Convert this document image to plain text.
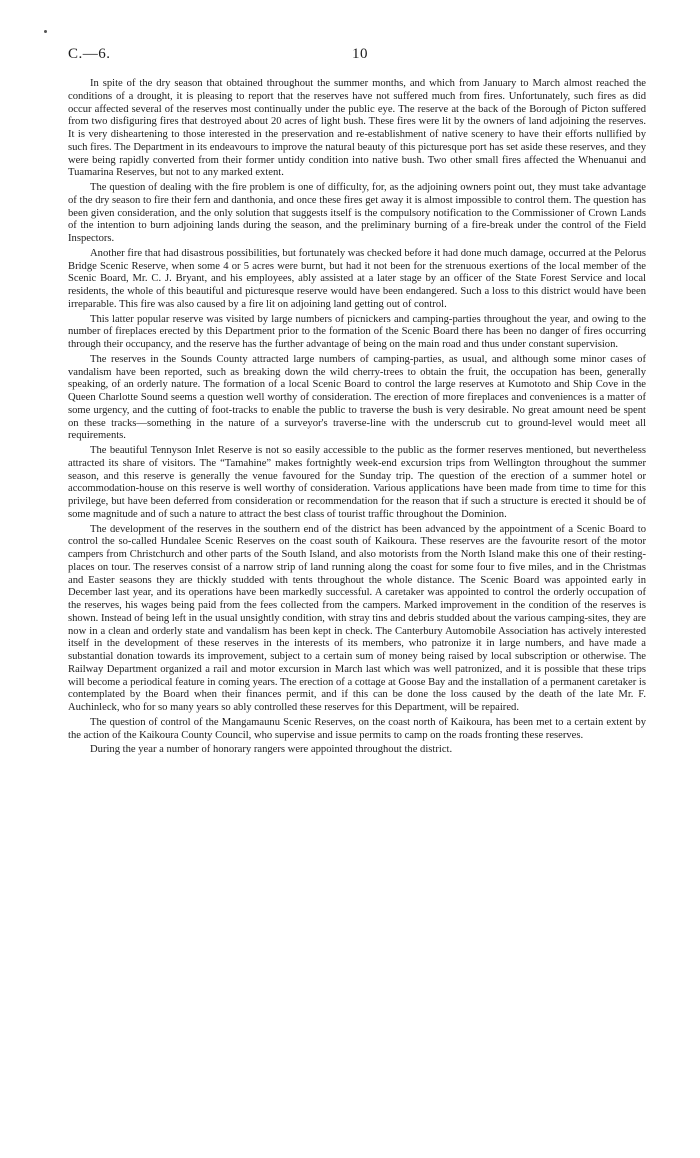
C.—6.	10

In spite of the dry season that obtained throughout the summer months, and which from January to March almost reached the conditions of a drought, it is pleasing to report that the reserves have not suffered much from fires. Unfortunately, such fires as did occur affected several of the reserves most continually under the public eye. The reserve at the back of the Borough of Picton suffered from two disfiguring fires that destroyed about 20 acres of light bush. These fires were lit by the owners of land adjoining the reserves. It is very disheartening to those interested in the preservation and re-establishment of native scenery to have their efforts nullified by such fires. The Department in its endeavours to improve the natural beauty of this picturesque port has set aside these reserves, and they were being rapidly converted from their former untidy condition into native bush. Two other small fires affected the Whenuanui and Tuamarina Reserves, but not to any marked extent.

The question of dealing with the fire problem is one of difficulty, for, as the adjoining owners point out, they must take advantage of the dry season to fire their fern and danthonia, and once these fires get away it is almost impossible to control them. The question has been given consideration, and the only solution that suggests itself is the compulsory notification to the Commissioner of Crown Lands of the intention to burn adjoining lands during the season, and the preliminary burning of a fire-break under the control of the Field Inspectors.

Another fire that had disastrous possibilities, but fortunately was checked before it had done much damage, occurred at the Pelorus Bridge Scenic Reserve, when some 4 or 5 acres were burnt, but had it not been for the strenuous exertions of the local member of the Scenic Board, Mr. C. J. Bryant, and his employees, ably assisted at a later stage by an officer of the State Forest Service and local residents, the whole of this beautiful and picturesque reserve would have been endangered. Such a loss to this district would have been irreparable. This fire was also caused by a fire lit on adjoining land getting out of control.

This latter popular reserve was visited by large numbers of picnickers and camping-parties throughout the year, and owing to the number of fireplaces erected by this Department prior to the formation of the Scenic Board there has been no danger of fires occurring through their occupancy, and the reserve has the further advantage of being on the main road and thus under constant supervision.

The reserves in the Sounds County attracted large numbers of camping-parties, as usual, and although some minor cases of vandalism have been reported, such as breaking down the wild cherry-trees to obtain the fruit, the occupation has been, generally speaking, of an orderly nature. The formation of a local Scenic Board to control the large reserves at Kumototo and Ship Cove in the Queen Charlotte Sound seems a question well worthy of consideration. The erection of more fireplaces and conveniences is a matter of some urgency, and the cutting of foot-tracks to enable the public to traverse the bush is very desirable. No great amount need be spent on these tracks—something in the nature of a surveyor's traverse-line with the underscrub cut to ground-level would meet all requirements.

The beautiful Tennyson Inlet Reserve is not so easily accessible to the public as the former reserves mentioned, but nevertheless attracted its share of visitors. The “Tamahine” makes fortnightly week-end excursion trips from Wellington throughout the summer season, and this reserve is generally the venue favoured for the Sunday trip. The question of the erection of a summer hotel or accommodation-house on this reserve is well worthy of consideration. Various applications have been made from time to time for this privilege, but have been deferred from consideration or recommendation for the reason that if such a structure is erected it should be of some magnitude and of such a nature to attract the best class of tourist traffic throughout the Dominion.

The development of the reserves in the southern end of the district has been advanced by the appointment of a Scenic Board to control the so-called Hundalee Scenic Reserves on the coast south of Kaikoura. These reserves are the favourite resort of the motor campers from Christchurch and other parts of the South Island, and also motorists from the North Island make this one of their resting-places on tour. The reserves consist of a narrow strip of land running along the coast for some four to five miles, and in the Christmas and Easter seasons they are thickly studded with tents throughout the whole distance. The Scenic Board was appointed early in December last year, and its operations have been markedly successful. A caretaker was appointed to control the orderly occupation of the reserves, his wages being paid from the fees collected from the campers. Marked improvement in the condition of the reserves is shown. Instead of being left in the usual unsightly condition, with stray tins and debris studded about the various camping-sites, they are now in a clean and orderly state and vandalism has been kept in check. The Canterbury Automobile Association has actively interested itself in the development of these reserves in the interests of its members, who patronize it in large numbers, and have made a substantial donation towards its improvement, subject to a certain sum of money being raised by local subscription or otherwise. The Railway Department organized a rail and motor excursion in March last which was well patronized, and it is possible that these trips will become a periodical feature in coming years. The erection of a cottage at Goose Bay and the installation of a permanent caretaker is contemplated by the Board when their finances permit, and if this can be done the loss caused by the death of the late Mr. F. Auchinleck, who for so many years so ably controlled these reserves for this Department, will be repaired.

The question of control of the Mangamaunu Scenic Reserves, on the coast north of Kaikoura, has been met to a certain extent by the action of the Kaikoura County Council, who supervise and issue permits to camp on the roads fronting these reserves.

During the year a number of honorary rangers were appointed throughout the district.
